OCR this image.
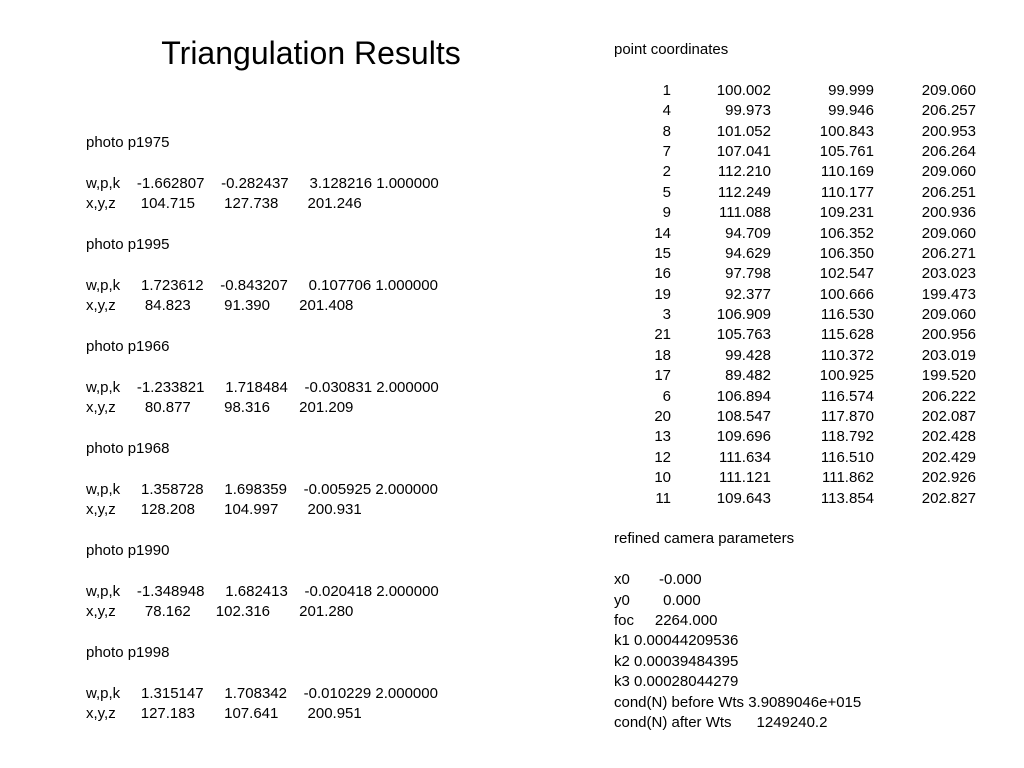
Triangulation Results
photo p1975
w,p,k    -1.662807    -0.282437     3.128216 1.000000
x,y,z      104.715       127.738       201.246
photo p1995
w,p,k     1.723612    -0.843207     0.107706 1.000000
x,y,z       84.823        91.390       201.408
photo p1966
w,p,k    -1.233821     1.718484    -0.030831 2.000000
x,y,z       80.877        98.316       201.209
photo p1968
w,p,k     1.358728     1.698359    -0.005925 2.000000
x,y,z      128.208       104.997       200.931
photo p1990
w,p,k    -1.348948     1.682413    -0.020418 2.000000
x,y,z       78.162      102.316       201.280
photo p1998
w,p,k     1.315147     1.708342    -0.010229 2.000000
x,y,z      127.183       107.641       200.951
point coordinates
1	100.002	99.999	209.060
4	99.973	99.946	206.257
8	101.052	100.843	200.953
7	107.041	105.761	206.264
2	112.210	110.169	209.060
5	112.249	110.177	206.251
9	111.088	109.231	200.936
14	94.709	106.352	209.060
15	94.629	106.350	206.271
16	97.798	102.547	203.023
19	92.377	100.666	199.473
3	106.909	116.530	209.060
21	105.763	115.628	200.956
18	99.428	110.372	203.019
17	89.482	100.925	199.520
6	106.894	116.574	206.222
20	108.547	117.870	202.087
13	109.696	118.792	202.428
12	111.634	116.510	202.429
10	111.121	111.862	202.926
11	109.643	113.854	202.827
refined camera parameters
x0       -0.000
y0        0.000
foc     2264.000
k1 0.00044209536
k2 0.00039484395
k3 0.00028044279
cond(N) before Wts 3.9089046e+015
cond(N) after Wts      1249240.2
